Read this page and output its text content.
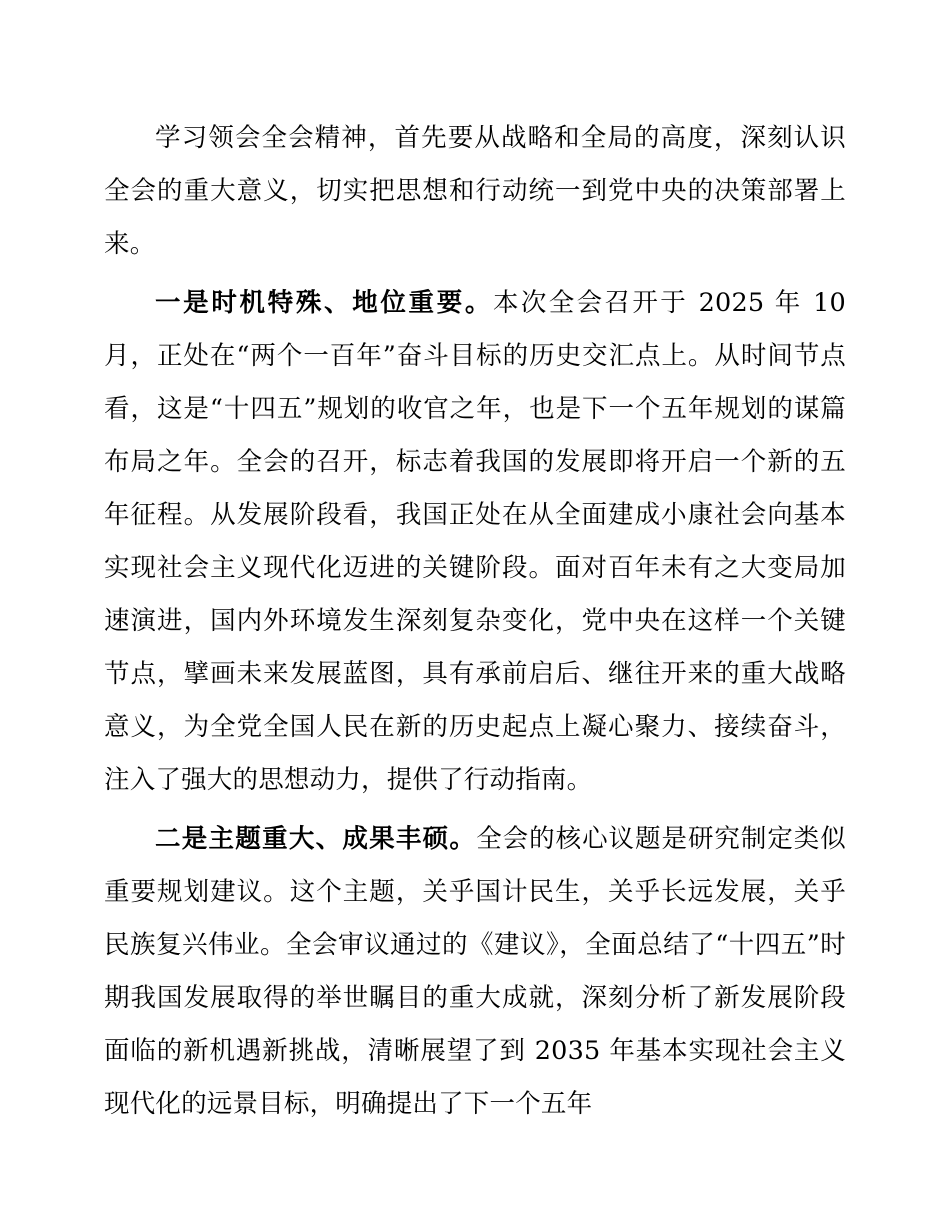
学习领会全会精神，首先要从战略和全局的高度，深刻认识全会的重大意义，切实把思想和行动统一到党中央的决策部署上来。

一是时机特殊、地位重要。本次全会召开于 2025 年 10 月，正处在“两个一百年”奋斗目标的历史交汇点上。从时间节点看，这是“十四五”规划的收官之年，也是下一个五年规划的谋篇布局之年。全会的召开，标志着我国的发展即将开启一个新的五年征程。从发展阶段看，我国正处在从全面建成小康社会向基本实现社会主义现代化迈进的关键阶段。面对百年未有之大变局加速演进，国内外环境发生深刻复杂变化，党中央在这样一个关键节点，擘画未来发展蓝图，具有承前启后、继往开来的重大战略意义，为全党全国人民在新的历史起点上凝心聚力、接续奋斗，注入了强大的思想动力，提供了行动指南。

二是主题重大、成果丰硕。全会的核心议题是研究制定类似重要规划建议。这个主题，关乎国计民生，关乎长远发展，关乎民族复兴伟业。全会审议通过的《建议》，全面总结了“十四五”时期我国发展取得的举世瞩目的重大成就，深刻分析了新发展阶段面临的新机遇新挑战，清晰展望了到 2035 年基本实现社会主义现代化的远景目标，明确提出了下一个五年
